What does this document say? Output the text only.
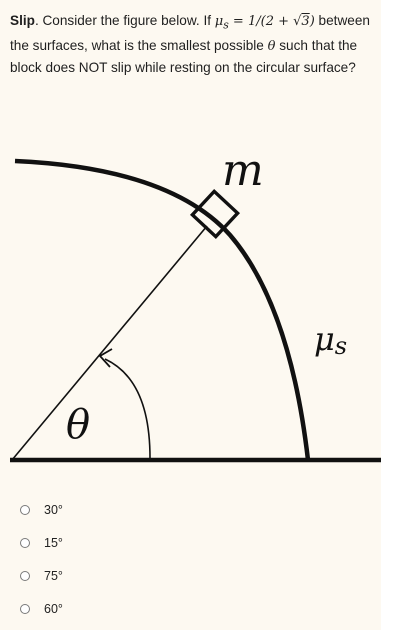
Slip. Consider the figure below. If $\mu_s = 1/(2 + √3)$ between the surfaces, what is the smallest possible θ such that the block does NOT slip while resting on the circular surface?
m
μs
θ
30°
15°
75°
60°
